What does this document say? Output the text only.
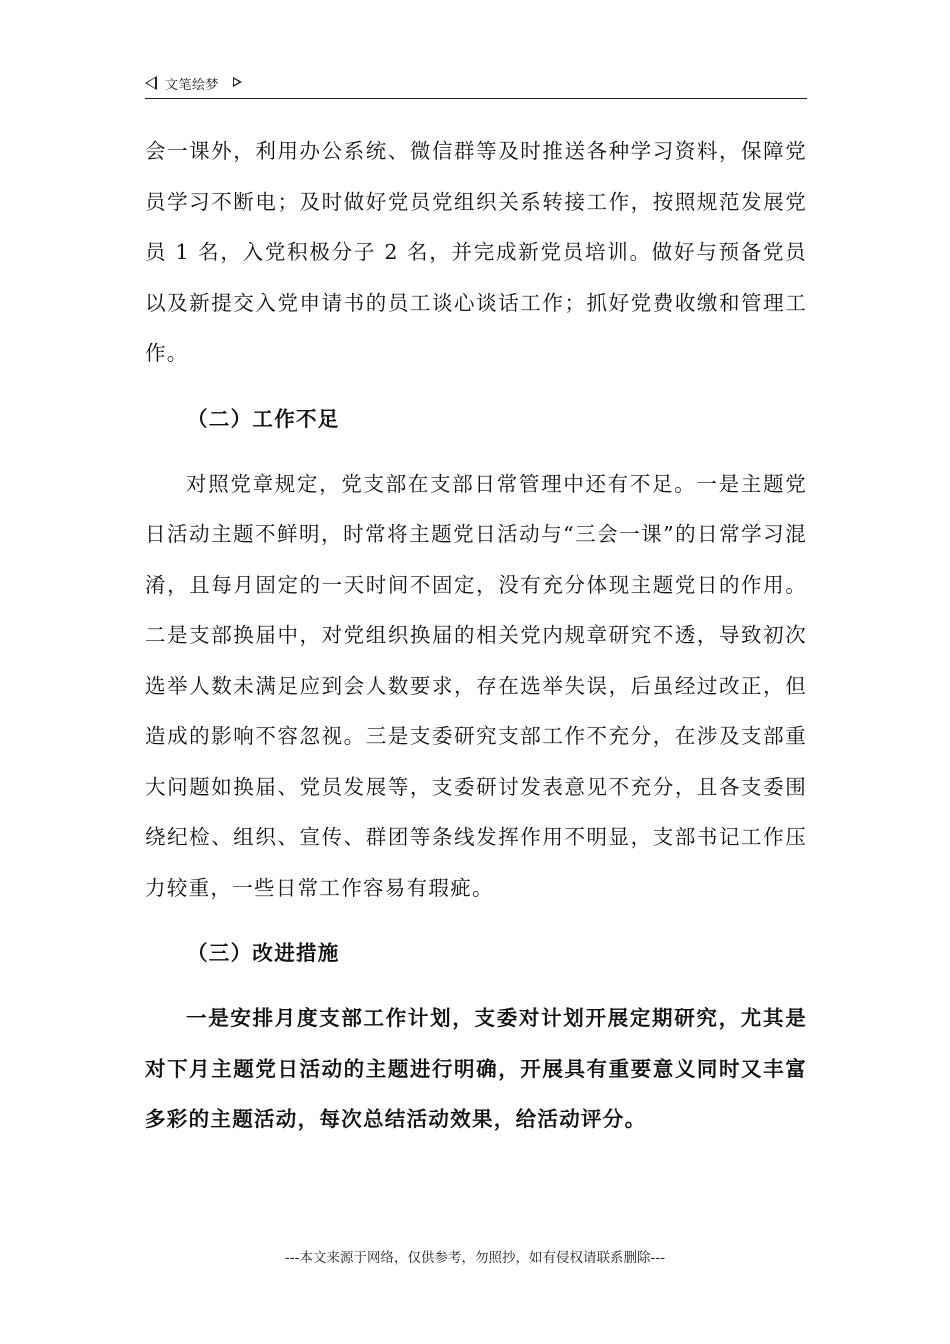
文笔绘梦

会一课外，利用办公系统、微信群等及时推送各种学习资料，保障党员学习不断电；及时做好党员党组织关系转接工作，按照规范发展党员 1 名，入党积极分子 2 名，并完成新党员培训。做好与预备党员以及新提交入党申请书的员工谈心谈话工作；抓好党费收缴和管理工作。

（二）工作不足

对照党章规定，党支部在支部日常管理中还有不足。一是主题党日活动主题不鲜明，时常将主题党日活动与“三会一课”的日常学习混淆，且每月固定的一天时间不固定，没有充分体现主题党日的作用。二是支部换届中，对党组织换届的相关党内规章研究不透，导致初次选举人数未满足应到会人数要求，存在选举失误，后虽经过改正，但造成的影响不容忽视。三是支委研究支部工作不充分，在涉及支部重大问题如换届、党员发展等，支委研讨发表意见不充分，且各支委围绕纪检、组织、宣传、群团等条线发挥作用不明显，支部书记工作压力较重，一些日常工作容易有瑕疵。

（三）改进措施

一是安排月度支部工作计划，支委对计划开展定期研究，尤其是对下月主题党日活动的主题进行明确，开展具有重要意义同时又丰富多彩的主题活动，每次总结活动效果，给活动评分。

---本文来源于网络，仅供参考，勿照抄，如有侵权请联系删除---
